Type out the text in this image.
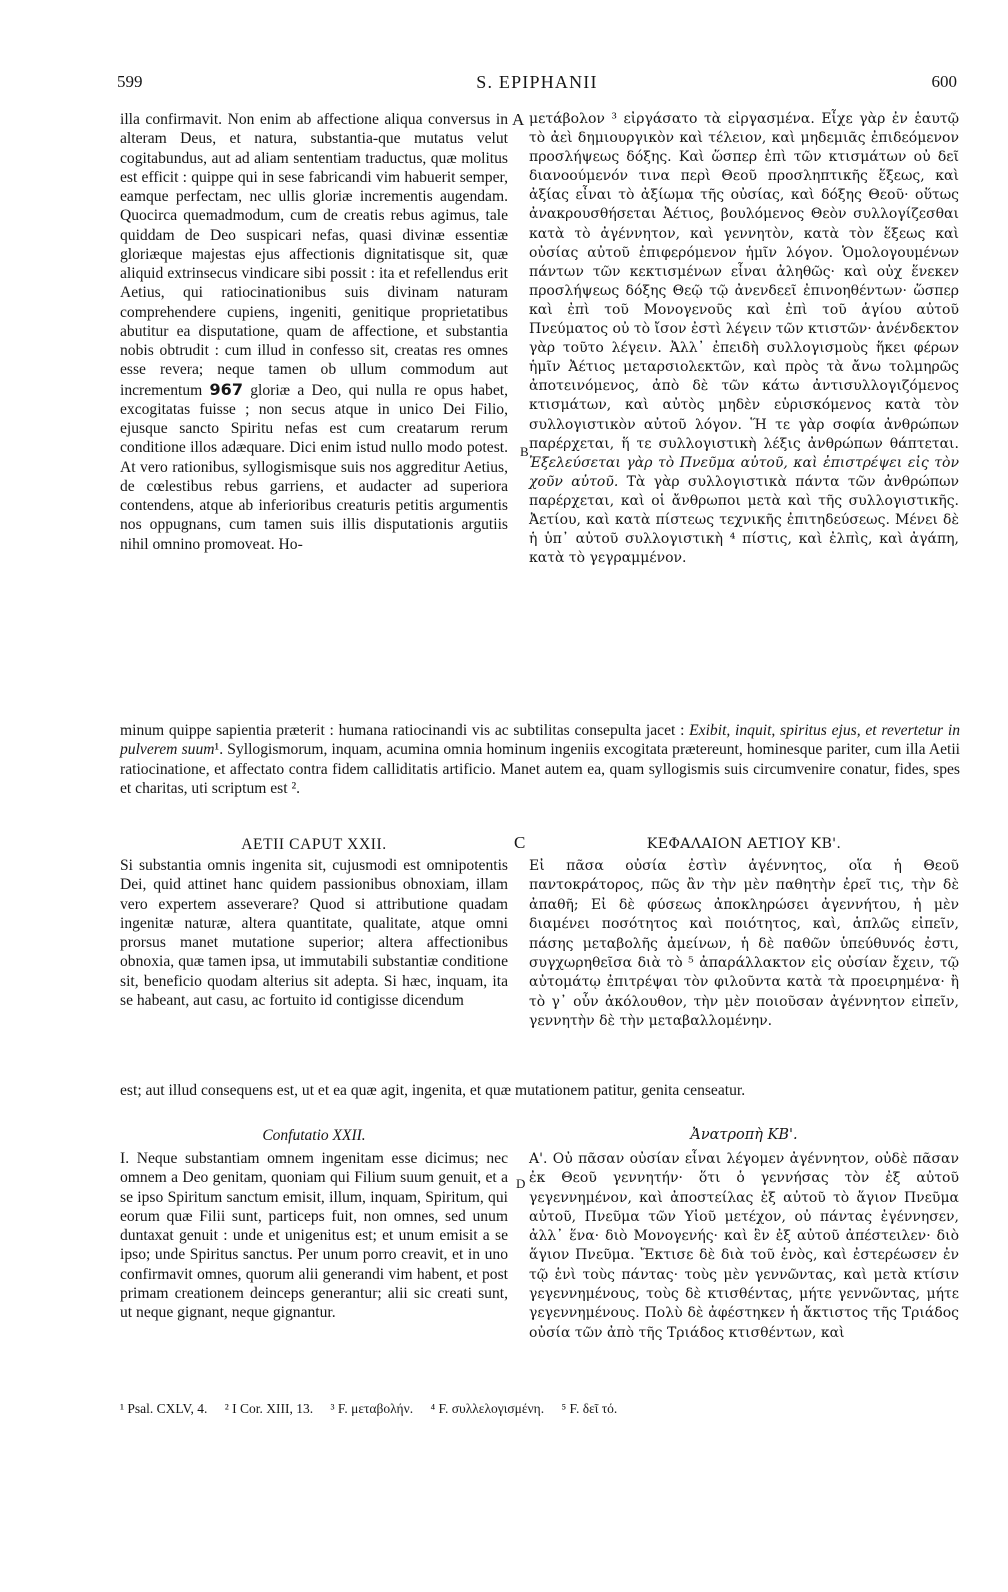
599	S. EPIPHANII	600
A
B
C
D

illa confirmavit. Non enim ab affectione aliqua conversus in alteram Deus, et natura, substantia-que mutatus velut cogitabundus, aut ad aliam sententiam traductus, quæ molitus est efficit : quippe qui in sese fabricandi vim habuerit semper, eamque perfectam, nec ullis gloriæ incrementis augendam. Quocirca quemadmodum, cum de creatis rebus agimus, tale quiddam de Deo suspicari nefas, quasi divinæ essentiæ gloriæque majestas ejus affectionis dignitatisque sit, quæ aliquid extrinsecus vindicare sibi possit : ita et refellendus erit Aetius, qui ratiocinationibus suis divinam naturam comprehendere cupiens, ingeniti, genitique proprietatibus abutitur ea disputatione, quam de affectione, et substantia nobis obtrudit : cum illud in confesso sit, creatas res omnes esse revera; neque tamen ob ullum commodum aut incrementum 967 gloriæ a Deo, qui nulla re opus habet, excogitatas fuisse ; non secus atque in unico Dei Filio, ejusque sancto Spiritu nefas est cum creatarum rerum conditione illos adæquare. Dici enim istud nullo modo potest. At vero rationibus, syllogismisque suis nos aggreditur Aetius, de cœlestibus rebus garriens, et audacter ad superiora contendens, atque ab inferioribus creaturis petitis argumentis nos oppugnans, cum tamen suis illis disputationis argutiis nihil omnino promoveat. Ho-

μετάβολον ³ εἰργάσατο τὰ εἰργασμένα. Εἶχε γὰρ ἐν ἑαυτῷ τὸ ἀεὶ δημιουργικὸν καὶ τέλειον, καὶ μηδεμιᾶς ἐπιδεόμενον προσλήψεως δόξης. Καὶ ὥσπερ ἐπὶ τῶν κτισμάτων οὐ δεῖ διανοούμενόν τινα περὶ Θεοῦ προσληπτικῆς ἕξεως, καὶ ἀξίας εἶναι τὸ ἀξίωμα τῆς οὐσίας, καὶ δόξης Θεοῦ· οὕτως ἀνακρουσθήσεται Ἀέτιος, βουλόμενος Θεὸν συλλογίζεσθαι κατὰ τὸ ἀγέννητον, καὶ γεννητὸν, κατὰ τὸν ἕξεως καὶ οὐσίας αὐτοῦ ἐπιφερόμενον ἡμῖν λόγον. Ὁμολογουμένων πάντων τῶν κεκτισμένων εἶναι ἀληθῶς· καὶ οὐχ ἕνεκεν προσλήψεως δόξης Θεῷ τῷ ἀνενδεεῖ ἐπινοηθέντων· ὥσπερ καὶ ἐπὶ τοῦ Μονογενοῦς καὶ ἐπὶ τοῦ ἁγίου αὐτοῦ Πνεύματος οὐ τὸ ἴσον ἐστὶ λέγειν τῶν κτιστῶν· ἀνένδεκτον γὰρ τοῦτο λέγειν. Ἀλλ᾽ ἐπειδὴ συλλογισμοὺς ἥκει φέρων ἡμῖν Ἀέτιος μεταρσιολεκτῶν, καὶ πρὸς τὰ ἄνω τολμηρῶς ἀποτεινόμενος, ἀπὸ δὲ τῶν κάτω ἀντισυλλογιζόμενος κτισμάτων, καὶ αὐτὸς μηδὲν εὑρισκόμενος κατὰ τὸν συλλογιστικὸν αὐτοῦ λόγον. Ἥ τε γὰρ σοφία ἀνθρώπων παρέρχεται, ἥ τε συλλογιστικὴ λέξις ἀνθρώπων θάπτεται. Ἐξελεύσεται γὰρ τὸ Πνεῦμα αὐτοῦ, καὶ ἐπιστρέψει εἰς τὸν χοῦν αὐτοῦ. Τὰ γὰρ συλλογιστικὰ πάντα τῶν ἀνθρώπων παρέρχεται, καὶ οἱ ἄνθρωποι μετὰ καὶ τῆς συλλογιστικῆς. Ἀετίου, καὶ κατὰ πίστεως τεχνικῆς ἐπιτηδεύσεως. Μένει δὲ ἡ ὑπ᾽ αὐτοῦ συλλογιστικὴ ⁴ πίστις, καὶ ἐλπὶς, καὶ ἀγάπη, κατὰ τὸ γεγραμμένον.

minum quippe sapientia præterit : humana ratiocinandi vis ac subtilitas consepulta jacet : Exibit, inquit, spiritus ejus, et revertetur in pulverem suum¹. Syllogismorum, inquam, acumina omnia hominum ingeniis excogitata prætereunt, hominesque pariter, cum illa Aetii ratiocinatione, et affectato contra fidem calliditatis artificio. Manet autem ea, quam syllogismis suis circumvenire conatur, fides, spes et charitas, uti scriptum est ².
AETII CAPUT XXII.	ΚΕΦΑΛΑΙΟΝ ΑΕΤΙΟΥ ΚΒ'.

Si substantia omnis ingenita sit, cujusmodi est omnipotentis Dei, quid attinet hanc quidem passionibus obnoxiam, illam vero expertem asseverare? Quod si attributione quadam ingenitæ naturæ, altera quantitate, qualitate, atque omni prorsus manet mutatione superior; altera affectionibus obnoxia, quæ tamen ipsa, ut immutabili substantiæ conditione sit, beneficio quodam alterius sit adepta. Si hæc, inquam, ita se habeant, aut casu, ac fortuito id contigisse dicendum

Εἰ πᾶσα οὐσία ἐστὶν ἀγέννητος, οἵα ἡ Θεοῦ παντοκράτορος, πῶς ἂν τὴν μὲν παθητὴν ἐρεῖ τις, τὴν δὲ ἀπαθῆ; Εἰ δὲ φύσεως ἀποκληρώσει ἀγεννήτου, ἡ μὲν διαμένει ποσότητος καὶ ποιότητος, καὶ, ἁπλῶς εἰπεῖν, πάσης μεταβολῆς ἀμείνων, ἡ δὲ παθῶν ὑπεύθυνός ἐστι, συγχωρηθεῖσα διὰ τὸ ⁵ ἀπαράλλακτον εἰς οὐσίαν ἔχειν, τῷ αὐτομάτῳ ἐπιτρέψαι τὸν φιλοῦντα κατὰ τὰ προειρημένα· ἢ τὸ γ᾽ οὖν ἀκόλουθον, τὴν μὲν ποιοῦσαν ἀγέννητον εἰπεῖν, γεννητὴν δὲ τὴν μεταβαλλομένην.

est; aut illud consequens est, ut et ea quæ agit, ingenita, et quæ mutationem patitur, genita censeatur.
Confutatio XXII.	Ἀνατροπὴ ΚΒ'.

I. Neque substantiam omnem ingenitam esse dicimus; nec omnem a Deo genitam, quoniam qui Filium suum genuit, et a se ipso Spiritum sanctum emisit, illum, inquam, Spiritum, qui eorum quæ Filii sunt, particeps fuit, non omnes, sed unum duntaxat genuit : unde et unigenitus est; et unum emisit a se ipso; unde Spiritus sanctus. Per unum porro creavit, et in uno confirmavit omnes, quorum alii generandi vim habent, et post primam creationem deinceps generantur; alii sic creati sunt, ut neque gignant, neque gignantur.

Α'. Οὐ πᾶσαν οὐσίαν εἶναι λέγομεν ἀγέννητον, οὐδὲ πᾶσαν ἐκ Θεοῦ γεννητήν· ὅτι ὁ γεννήσας τὸν ἐξ αὐτοῦ γεγεννημένον, καὶ ἀποστείλας ἐξ αὐτοῦ τὸ ἅγιον Πνεῦμα αὐτοῦ, Πνεῦμα τῶν Υἱοῦ μετέχον, οὐ πάντας ἐγέννησεν, ἀλλ᾽ ἕνα· διὸ Μονογενής· καὶ ἓν ἐξ αὐτοῦ ἀπέστειλεν· διὸ ἅγιον Πνεῦμα. Ἔκτισε δὲ διὰ τοῦ ἑνὸς, καὶ ἐστερέωσεν ἐν τῷ ἑνὶ τοὺς πάντας· τοὺς μὲν γεννῶντας, καὶ μετὰ κτίσιν γεγεννημένους, τοὺς δὲ κτισθέντας, μήτε γεννῶντας, μήτε γεγεννημένους. Πολὺ δὲ ἀφέστηκεν ἡ ἄκτιστος τῆς Τριάδος οὐσία τῶν ἀπὸ τῆς Τριάδος κτισθέντων, καὶ

¹ Psal. CXLV, 4. ² I Cor. XIII, 13. ³ F. μεταβολήν. ⁴ F. συλλελογισμένη. ⁵ F. δεῖ τό.
